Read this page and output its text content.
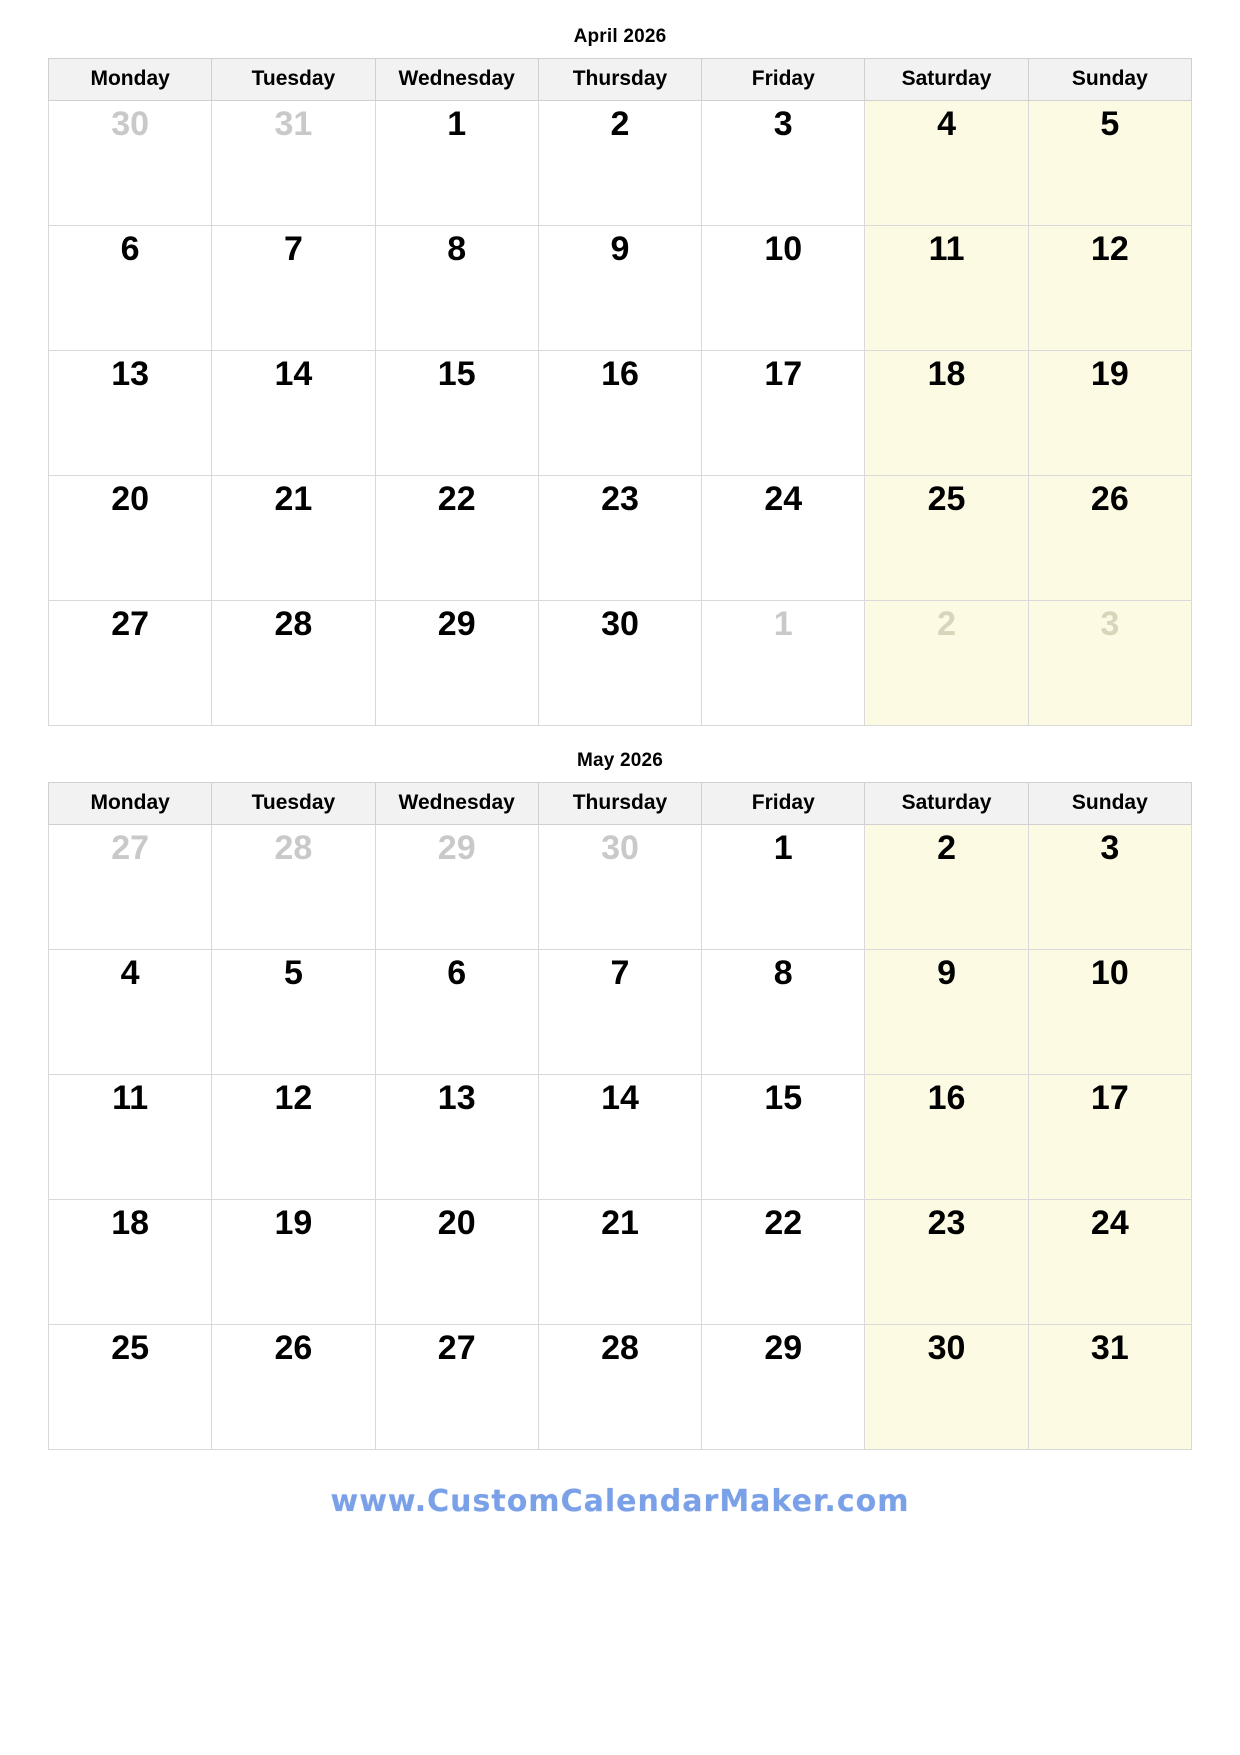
April 2026
Monday	Tuesday	Wednesday	Thursday	Friday	Saturday	Sunday

30	31	1	2	3	4	5

6	7	8	9	10	11	12

13	14	15	16	17	18	19

20	21	22	23	24	25	26

27	28	29	30	1	2	3
May 2026
Monday	Tuesday	Wednesday	Thursday	Friday	Saturday	Sunday

27	28	29	30	1	2	3

4	5	6	7	8	9	10

11	12	13	14	15	16	17

18	19	20	21	22	23	24

25	26	27	28	29	30	31
www.CustomCalendarMaker.com
